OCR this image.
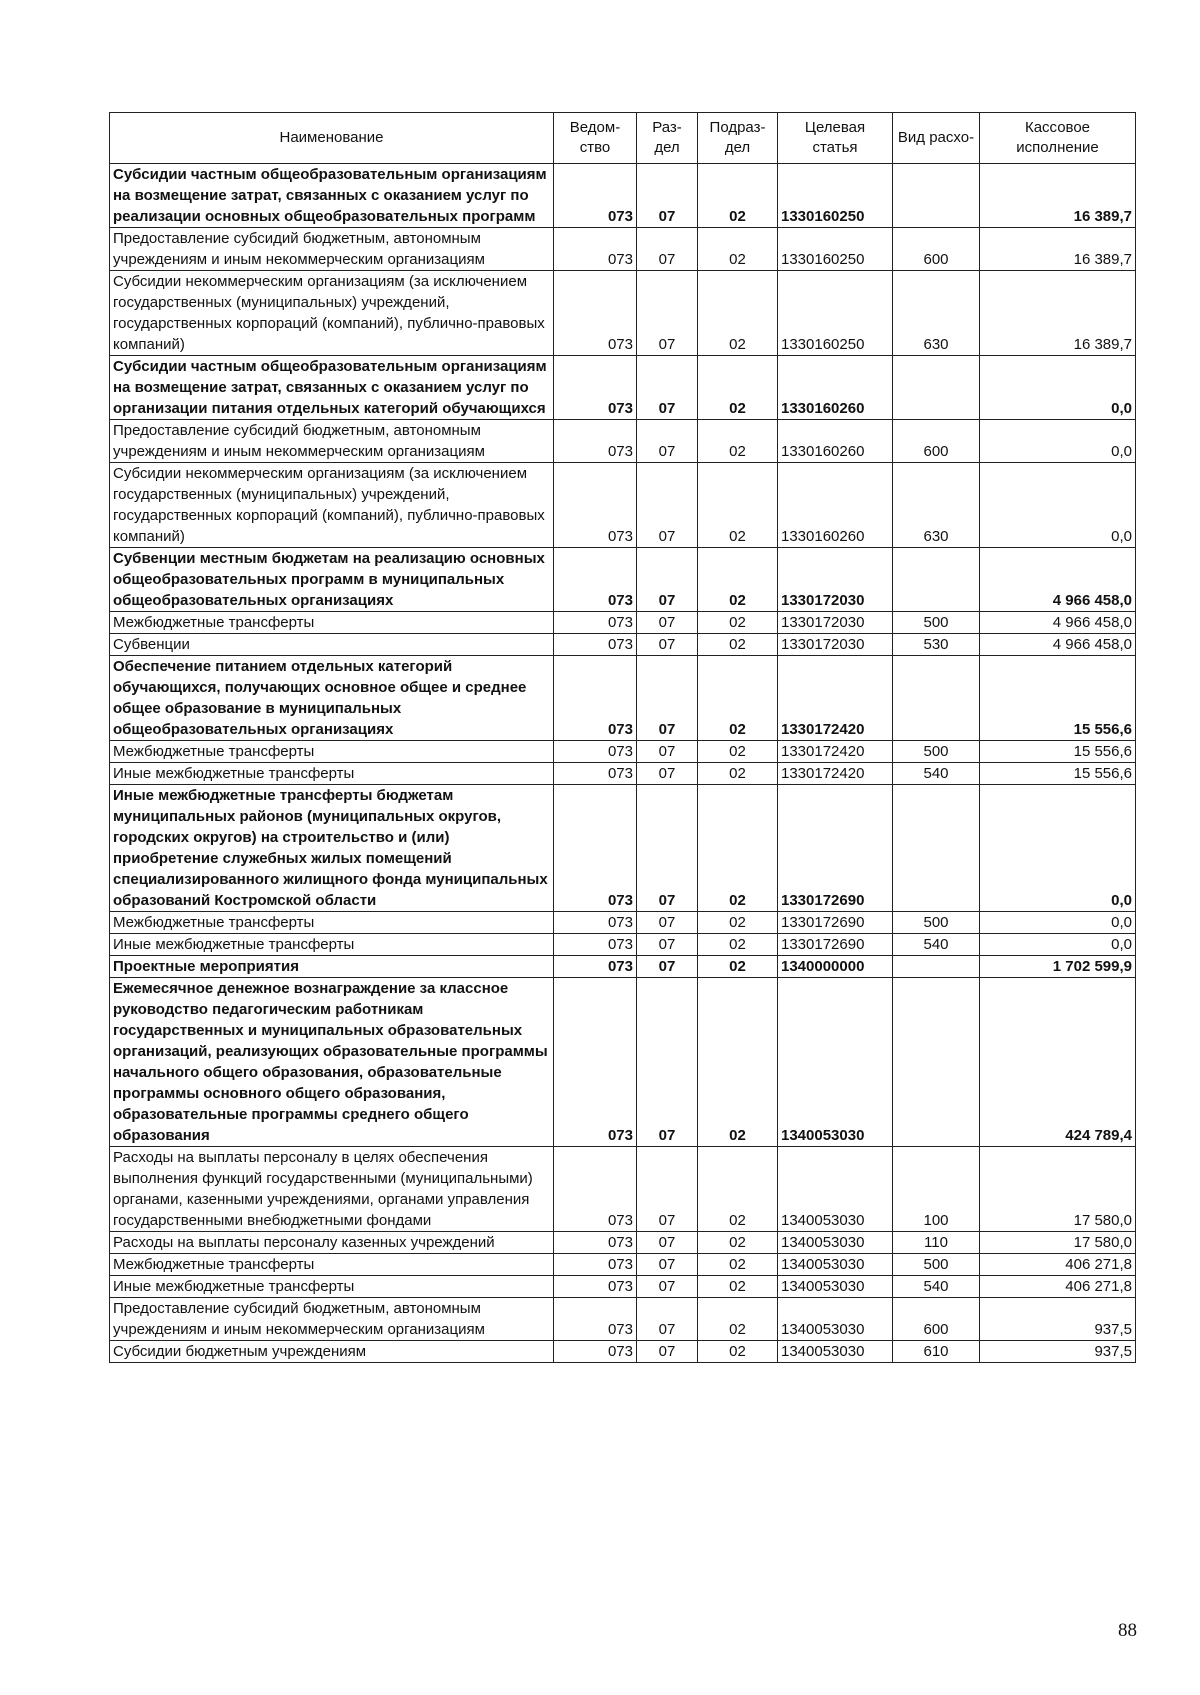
Наименование	Ведом-ство	Раз-дел	Подраз-дел	Целевая статья	Вид расхо-	Кассовое исполнение
Субсидии частным общеобразовательным организациям на возмещение затрат, связанных с оказанием услуг по реализации основных общеобразовательных программ	073	07	02	1330160250		16 389,7
Предоставление субсидий бюджетным, автономным учреждениям и иным некоммерческим организациям	073	07	02	1330160250	600	16 389,7
Субсидии некоммерческим организациям (за исключением государственных (муниципальных) учреждений, государственных корпораций (компаний), публично-правовых компаний)	073	07	02	1330160250	630	16 389,7
Субсидии частным общеобразовательным организациям на возмещение затрат, связанных с оказанием услуг по организации питания отдельных категорий обучающихся	073	07	02	1330160260		0,0
Предоставление субсидий бюджетным, автономным учреждениям и иным некоммерческим организациям	073	07	02	1330160260	600	0,0
Субсидии некоммерческим организациям (за исключением государственных (муниципальных) учреждений, государственных корпораций (компаний), публично-правовых компаний)	073	07	02	1330160260	630	0,0
Субвенции местным бюджетам на реализацию основных общеобразовательных программ в муниципальных общеобразовательных организациях	073	07	02	1330172030		4 966 458,0
Межбюджетные трансферты	073	07	02	1330172030	500	4 966 458,0
Субвенции	073	07	02	1330172030	530	4 966 458,0
Обеспечение питанием отдельных категорий обучающихся, получающих основное общее и среднее общее образование в муниципальных общеобразовательных организациях	073	07	02	1330172420		15 556,6
Межбюджетные трансферты	073	07	02	1330172420	500	15 556,6
Иные межбюджетные трансферты	073	07	02	1330172420	540	15 556,6
Иные межбюджетные трансферты бюджетам муниципальных районов (муниципальных округов, городских округов) на строительство и (или) приобретение служебных жилых помещений специализированного жилищного фонда муниципальных образований Костромской области	073	07	02	1330172690		0,0
Межбюджетные трансферты	073	07	02	1330172690	500	0,0
Иные межбюджетные трансферты	073	07	02	1330172690	540	0,0
Проектные мероприятия	073	07	02	1340000000		1 702 599,9
Ежемесячное денежное вознаграждение за классное руководство педагогическим работникам государственных и муниципальных образовательных организаций, реализующих образовательные программы начального общего образования, образовательные программы основного общего образования, образовательные программы среднего общего образования	073	07	02	1340053030		424 789,4
Расходы на выплаты персоналу в целях обеспечения выполнения функций государственными (муниципальными) органами, казенными учреждениями, органами управления государственными внебюджетными фондами	073	07	02	1340053030	100	17 580,0
Расходы на выплаты персоналу казенных учреждений	073	07	02	1340053030	110	17 580,0
Межбюджетные трансферты	073	07	02	1340053030	500	406 271,8
Иные межбюджетные трансферты	073	07	02	1340053030	540	406 271,8
Предоставление субсидий бюджетным, автономным учреждениям и иным некоммерческим организациям	073	07	02	1340053030	600	937,5
Субсидии бюджетным учреждениям	073	07	02	1340053030	610	937,5
88
